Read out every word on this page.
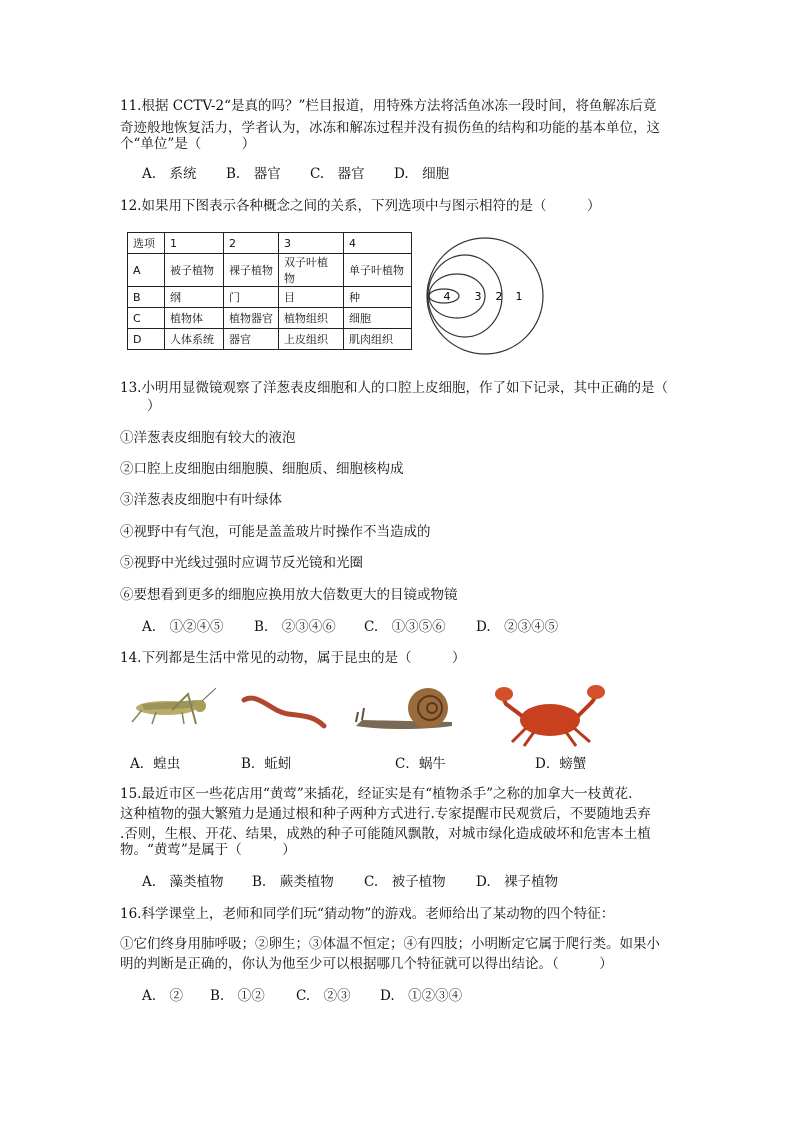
11.根据 CCTV-2“是真的吗？”栏目报道，用特殊方法将活鱼冰冻一段时间，将鱼解冻后竟
奇迹般地恢复活力，学者认为，冰冻和解冻过程并没有损伤鱼的结构和功能的基本单位，这
个“单位”是（　　　）
A.　系统 B.　器官 C.　器官 D.　细胞
12.如果用下图表示各种概念之间的关系，下列选项中与图示相符的是（　　　）
选项	1	2	3	4
A	被子植物	裸子植物	双子叶植物	单子叶植物
B	纲	门	目	种
C	植物体	植物器官	植物组织	细胞
D	人体系统	器官	上皮组织	肌肉组织
4 3 2 1
13.小明用显微镜观察了洋葱表皮细胞和人的口腔上皮细胞，作了如下记录，其中正确的是（
　　）
①洋葱表皮细胞有较大的液泡
②口腔上皮细胞由细胞膜、细胞质、细胞核构成
③洋葱表皮细胞中有叶绿体
④视野中有气泡，可能是盖盖玻片时操作不当造成的
⑤视野中光线过强时应调节反光镜和光圈
⑥要想看到更多的细胞应换用放大倍数更大的目镜或物镜
A.　①②④⑤ B.　②③④⑥ C.　①③⑤⑥ D.　②③④⑤
14.下列都是生活中常见的动物，属于昆虫的是（　　　）
A．蝗虫	B．蚯蚓	C．蜗牛	D．螃蟹
15.最近市区一些花店用“黄莺”来插花，经证实是有“植物杀手”之称的加拿大一枝黄花.
这种植物的强大繁殖力是通过根和种子两种方式进行.专家提醒市民观赏后，不要随地丢弃
.否则，生根、开花、结果，成熟的种子可能随风飘散，对城市绿化造成破坏和危害本土植
物。“黄莺”是属于（　　　）
A.　藻类植物 B.　蕨类植物 C.　被子植物 D.　裸子植物
16.科学课堂上，老师和同学们玩“猜动物”的游戏。老师给出了某动物的四个特征：
①它们终身用肺呼吸；②卵生；③体温不恒定；④有四肢；小明断定它属于爬行类。如果小
明的判断是正确的，你认为他至少可以根据哪几个特征就可以得出结论。（　　　）
A.　② B.　①② C.　②③ D.　①②③④
